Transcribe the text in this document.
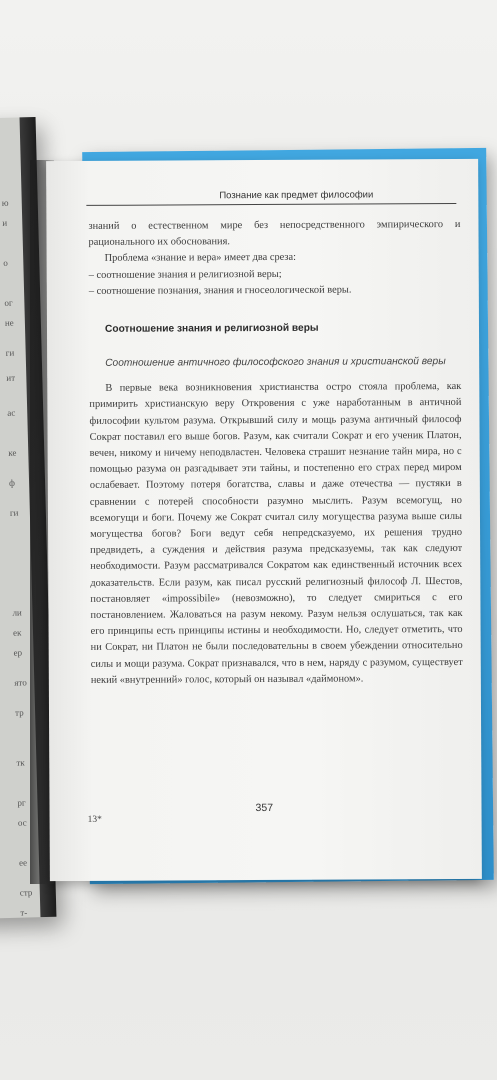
ю
и
о
ог
не
ги
ит
ас
ке
ф
ги
ли
ек
ер
ято
тр
тк
рг
ос
ее
стр
т-
Познание как предмет философии

знаний о естественном мире без непосредственного эмпирического и рационального их обоснования.

Проблема «знание и вера» имеет два среза:

– соотношение знания и религиозной веры;
– соотношение познания, знания и гносеологической веры.
Соотношение знания и религиозной веры
Соотношение античного философского знания и христианской веры

В первые века возникновения христианства остро стояла проблема, как примирить христианскую веру Откровения с уже наработанным в античной философии культом разума. Открывший силу и мощь разума античный философ Сократ поставил его выше богов. Разум, как считали Сократ и его ученик Платон, вечен, никому и ничему неподвластен. Человека страшит незнание тайн мира, но с помощью разума он разгадывает эти тайны, и постепенно его страх перед миром ослабевает. Поэтому потеря богатства, славы и даже отечества — пустяки в сравнении с потерей способности разумно мыслить. Разум всемогущ, но всемогущи и боги. Почему же Сократ считал силу могущества разума выше силы могущества богов? Боги ведут себя непредсказуемо, их решения трудно предвидеть, а суждения и действия разума предсказуемы, так как следуют необходимости. Разум рассматривался Сократом как единственный источник всех доказательств. Если разум, как писал русский религиозный философ Л. Шестов, постановляет «impossibile» (невозможно), то следует смириться с его постановлением. Жаловаться на разум некому. Разум нельзя ослушаться, так как его принципы есть принципы истины и необходимости. Но, следует отметить, что ни Сократ, ни Платон не были последовательны в своем убеждении относительно силы и мощи разума. Сократ признавался, что в нем, наряду с разумом, существует некий «внутренний» голос, который он называл «даймоном».

13*
357
